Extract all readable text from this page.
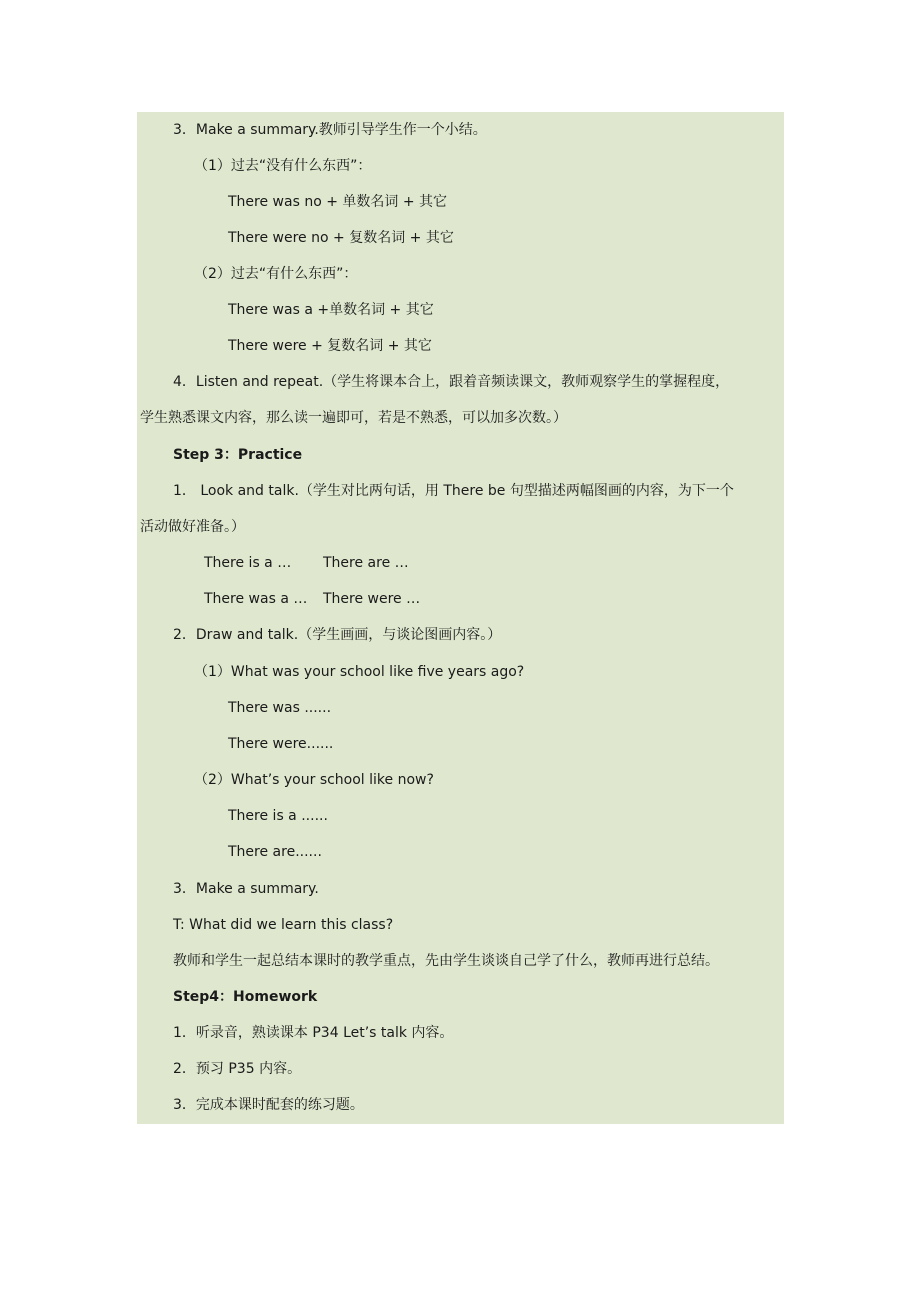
3．Make a summary.教师引导学生作一个小结。
（1）过去“没有什么东西”：
There was no + 单数名词 + 其它
There were no + 复数名词 + 其它
（2）过去“有什么东西”：
There was a +单数名词 + 其它
There were + 复数名词 + 其它
4．Listen and repeat.（学生将课本合上，跟着音频读课文，教师观察学生的掌握程度，
学生熟悉课文内容，那么读一遍即可，若是不熟悉，可以加多次数。）
Step 3：Practice
1． Look and talk.（学生对比两句话，用 There be 句型描述两幅图画的内容，为下一个
活动做好准备。）
There is a … There are …
There was a … There were …
2．Draw and talk.（学生画画，与谈论图画内容。）
（1）What was your school like five years ago?
There was ......
There were......
（2）What’s your school like now?
There is a ......
There are......
3．Make a summary.
T: What did we learn this class?
教师和学生一起总结本课时的教学重点，先由学生谈谈自己学了什么，教师再进行总结。
Step4：Homework
1．听录音，熟读课本 P34 Let’s talk 内容。
2．预习 P35 内容。
3．完成本课时配套的练习题。
